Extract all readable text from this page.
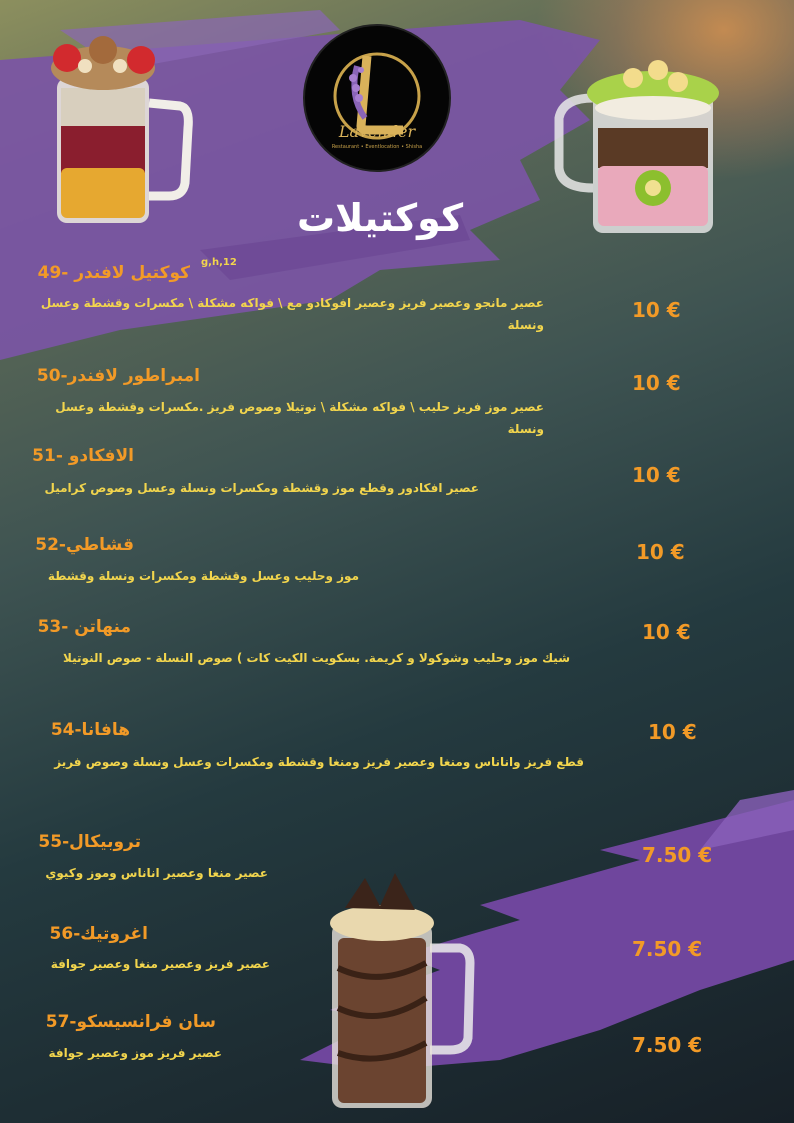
Lavender
Restaurant • Eventlocation • Shisha
كوكتيلات
كوكتيل لافندر -49
g,h,12
عصير مانجو وعصير فريز وعصير افوكادو مع \ فواكه مشكلة \ مكسرات وقشطة وعسل ونسلة
10 €
امبراطور لافندر-50
عصير موز فريز حليب \ فواكه مشكلة \ نوتيلا وصوص فريز .مكسرات وقشطة وعسل ونسلة
10 €
الافكادو -51
عصير افكادور وقطع موز وقشطة ومكسرات ونسلة وعسل وصوص كراميل
10 €
قشاطي-52
موز وحليب وعسل وقشطة ومكسرات ونسلة وقشطة
10 €
منهاتن -53
شيك موز وحليب وشوكولا و كريمة. بسكويت الكيت كات ) صوص النسلة - صوص النوتيلا
10 €
هافانا-54
قطع فريز واناناس ومنغا وعصير فريز ومنغا وقشطة ومكسرات وعسل ونسلة وصوص فريز
10 €
تروبيكال-55
عصير منغا وعصير اناناس وموز وكيوي
7.50 €
اغروتيك-56
عصير فريز وعصير منغا وعصير جوافة
7.50 €
سان فرانسيسكو-57
عصير فريز موز وعصير جوافة	7.50 €
